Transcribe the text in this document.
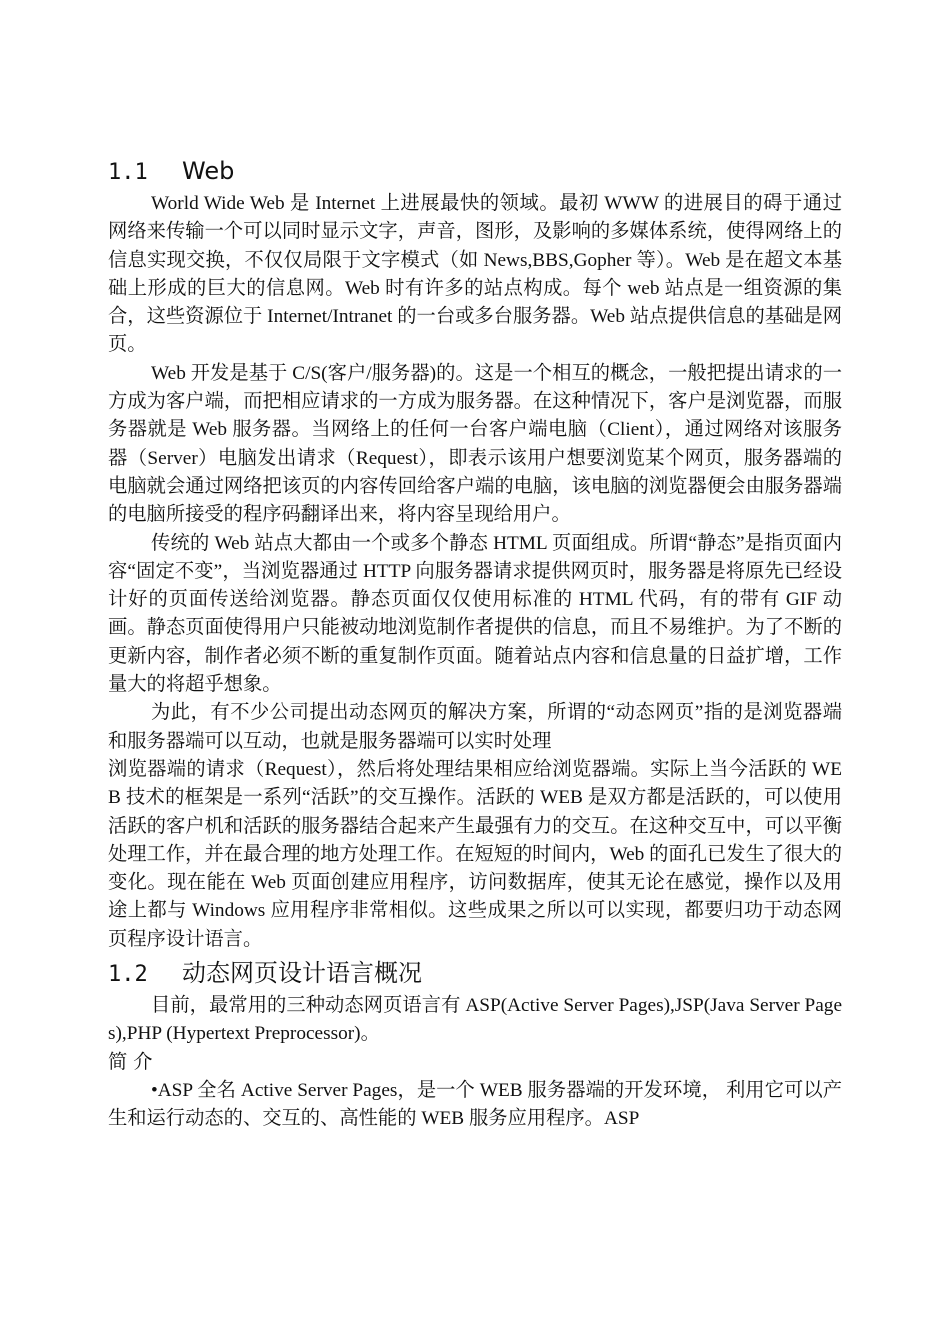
1.1 Web

World Wide Web 是 Internet 上进展最快的领域。最初 WWW 的进展目的碍于通过网络来传输一个可以同时显示文字，声音，图形，及影响的多媒体系统，使得网络上的信息实现交换，不仅仅局限于文字模式（如 News,BBS,Gopher 等）。Web 是在超文本基础上形成的巨大的信息网。Web 时有许多的站点构成。每个 web 站点是一组资源的集合，这些资源位于 Internet/Intranet 的一台或多台服务器。Web 站点提供信息的基础是网页。

Web 开发是基于 C/S(客户/服务器)的。这是一个相互的概念，一般把提出请求的一方成为客户端，而把相应请求的一方成为服务器。在这种情况下，客户是浏览器，而服务器就是 Web 服务器。当网络上的任何一台客户端电脑（Client），通过网络对该服务器（Server）电脑发出请求（Request），即表示该用户想要浏览某个网页，服务器端的电脑就会通过网络把该页的内容传回给客户端的电脑，该电脑的浏览器便会由服务器端的电脑所接受的程序码翻译出来，将内容呈现给用户。

传统的 Web 站点大都由一个或多个静态 HTML 页面组成。所谓“静态”是指页面内容“固定不变”，当浏览器通过 HTTP 向服务器请求提供网页时，服务器是将原先已经设计好的页面传送给浏览器。静态页面仅仅使用标准的 HTML 代码，有的带有 GIF 动画。静态页面使得用户只能被动地浏览制作者提供的信息，而且不易维护。为了不断的更新内容，制作者必须不断的重复制作页面。随着站点内容和信息量的日益扩增，工作量大的将超乎想象。

为此，有不少公司提出动态网页的解决方案，所谓的“动态网页”指的是浏览器端和服务器端可以互动，也就是服务器端可以实时处理

浏览器端的请求（Request），然后将处理结果相应给浏览器端。实际上当今活跃的 WEB 技术的框架是一系列“活跃”的交互操作。活跃的 WEB 是双方都是活跃的，可以使用活跃的客户机和活跃的服务器结合起来产生最强有力的交互。在这种交互中，可以平衡处理工作，并在最合理的地方处理工作。在短短的时间内，Web 的面孔已发生了很大的变化。现在能在 Web 页面创建应用程序，访问数据库，使其无论在感觉，操作以及用途上都与 Windows 应用程序非常相似。这些成果之所以可以实现，都要归功于动态网页程序设计语言。

1.2 动态网页设计语言概况

目前，最常用的三种动态网页语言有 ASP(Active Server Pages),JSP(Java Server Pages),PHP (Hypertext Preprocessor)。

简介

•ASP 全名 Active Server Pages，是一个 WEB 服务器端的开发环境， 利用它可以产生和运行动态的、交互的、高性能的 WEB 服务应用程序。ASP
